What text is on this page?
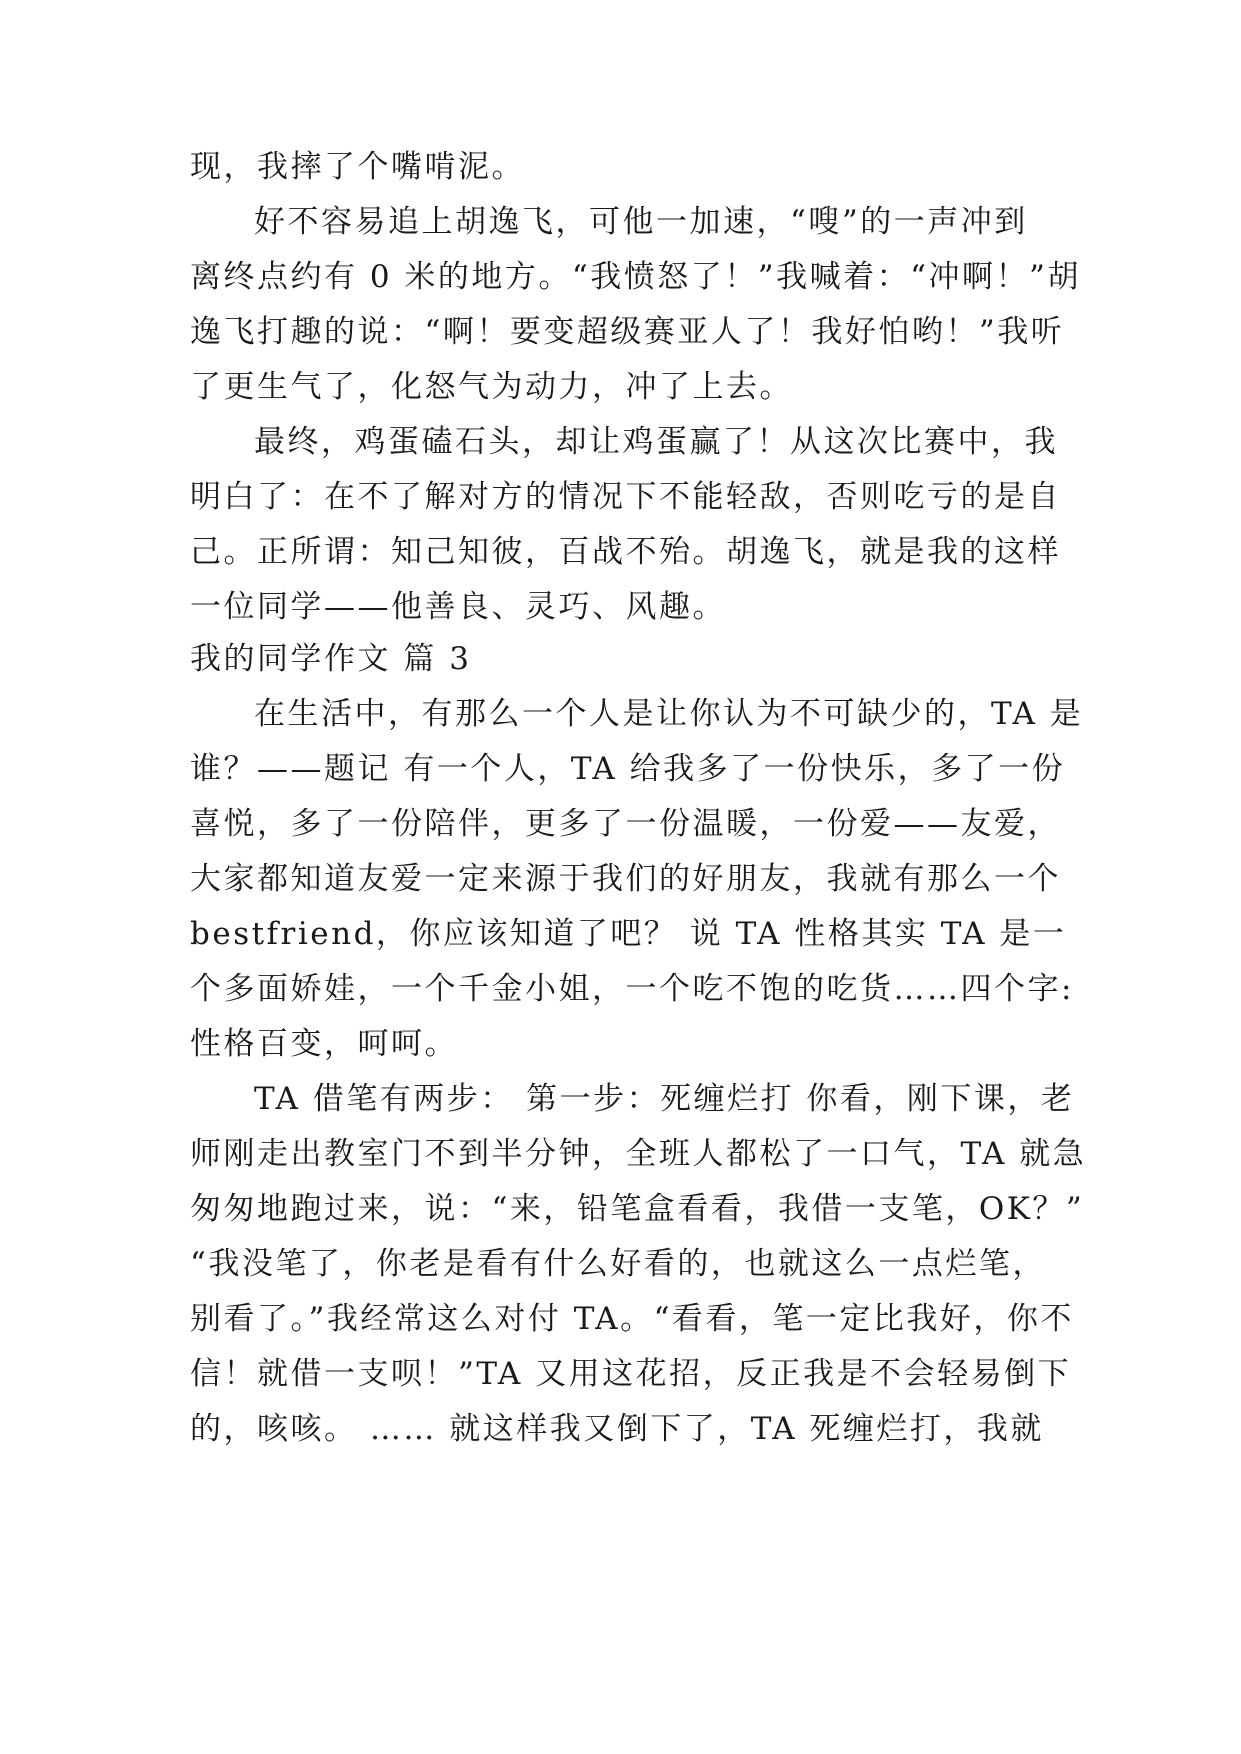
现，我摔了个嘴啃泥。
好不容易追上胡逸飞，可他一加速，“嗖”的一声冲到
离终点约有 0 米的地方。“我愤怒了！”我喊着：“冲啊！”胡
逸飞打趣的说：“啊！要变超级赛亚人了！我好怕哟！”我听
了更生气了，化怒气为动力，冲了上去。
最终，鸡蛋磕石头，却让鸡蛋赢了！从这次比赛中，我
明白了：在不了解对方的情况下不能轻敌，否则吃亏的是自
己。正所谓：知己知彼，百战不殆。胡逸飞，就是我的这样
一位同学——他善良、灵巧、风趣。
我的同学作文 篇 3
在生活中，有那么一个人是让你认为不可缺少的，TA 是
谁？——题记 有一个人，TA 给我多了一份快乐，多了一份
喜悦，多了一份陪伴，更多了一份温暖，一份爱——友爱，
大家都知道友爱一定来源于我们的好朋友，我就有那么一个
bestfriend，你应该知道了吧？ 说 TA 性格其实 TA 是一
个多面娇娃，一个千金小姐，一个吃不饱的吃货……四个字:
性格百变，呵呵。
TA 借笔有两步： 第一步：死缠烂打 你看，刚下课，老
师刚走出教室门不到半分钟，全班人都松了一口气，TA 就急
匆匆地跑过来，说：“来，铅笔盒看看，我借一支笔，OK？”
“我没笔了，你老是看有什么好看的，也就这么一点烂笔，
别看了。”我经常这么对付 TA。“看看，笔一定比我好，你不
信！就借一支呗！”TA 又用这花招，反正我是不会轻易倒下
的，咳咳。 …… 就这样我又倒下了，TA 死缠烂打，我就
